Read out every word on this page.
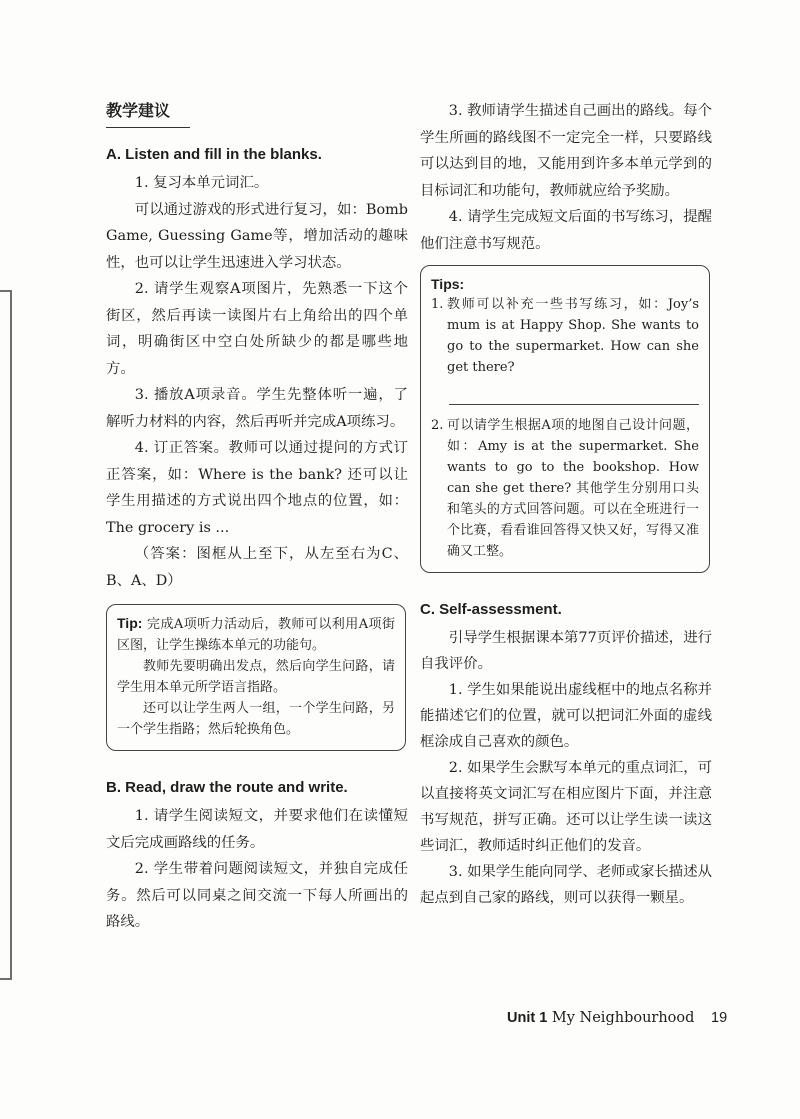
教学建议
A. Listen and fill in the blanks.

1. 复习本单元词汇。

可以通过游戏的形式进行复习，如：Bomb Game, Guessing Game等，增加活动的趣味性，也可以让学生迅速进入学习状态。

2. 请学生观察A项图片，先熟悉一下这个街区，然后再读一读图片右上角给出的四个单词，明确街区中空白处所缺少的都是哪些地方。

3. 播放A项录音。学生先整体听一遍，了解听力材料的内容，然后再听并完成A项练习。

4. 订正答案。教师可以通过提问的方式订正答案，如：Where is the bank? 还可以让学生用描述的方式说出四个地点的位置，如：The grocery is ...

（答案：图框从上至下，从左至右为C、B、A、D）

Tip: 完成A项听力活动后，教师可以利用A项街区图，让学生操练本单元的功能句。

教师先要明确出发点，然后向学生问路，请学生用本单元所学语言指路。

还可以让学生两人一组，一个学生问路，另一个学生指路；然后轮换角色。

B. Read, draw the route and write.

1. 请学生阅读短文，并要求他们在读懂短文后完成画路线的任务。

2. 学生带着问题阅读短文，并独自完成任务。然后可以同桌之间交流一下每人所画出的路线。

3. 教师请学生描述自己画出的路线。每个学生所画的路线图不一定完全一样，只要路线可以达到目的地，又能用到许多本单元学到的目标词汇和功能句，教师就应给予奖励。

4. 请学生完成短文后面的书写练习，提醒他们注意书写规范。

Tips:
1. 教师可以补充一些书写练习，如：Joy’s mum is at Happy Shop. She wants to go to the supermarket. How can she get there?
2. 可以请学生根据A项的地图自己设计问题，如：Amy is at the supermarket. She wants to go to the bookshop. How can she get there? 其他学生分别用口头和笔头的方式回答问题。可以在全班进行一个比赛，看看谁回答得又快又好，写得又准确又工整。
C. Self-assessment.

引导学生根据课本第77页评价描述，进行自我评价。

1. 学生如果能说出虚线框中的地点名称并能描述它们的位置，就可以把词汇外面的虚线框涂成自己喜欢的颜色。

2. 如果学生会默写本单元的重点词汇，可以直接将英文词汇写在相应图片下面，并注意书写规范，拼写正确。还可以让学生读一读这些词汇，教师适时纠正他们的发音。

3. 如果学生能向同学、老师或家长描述从起点到自己家的路线，则可以获得一颗星。

Unit 1 My Neighbourhood 19
